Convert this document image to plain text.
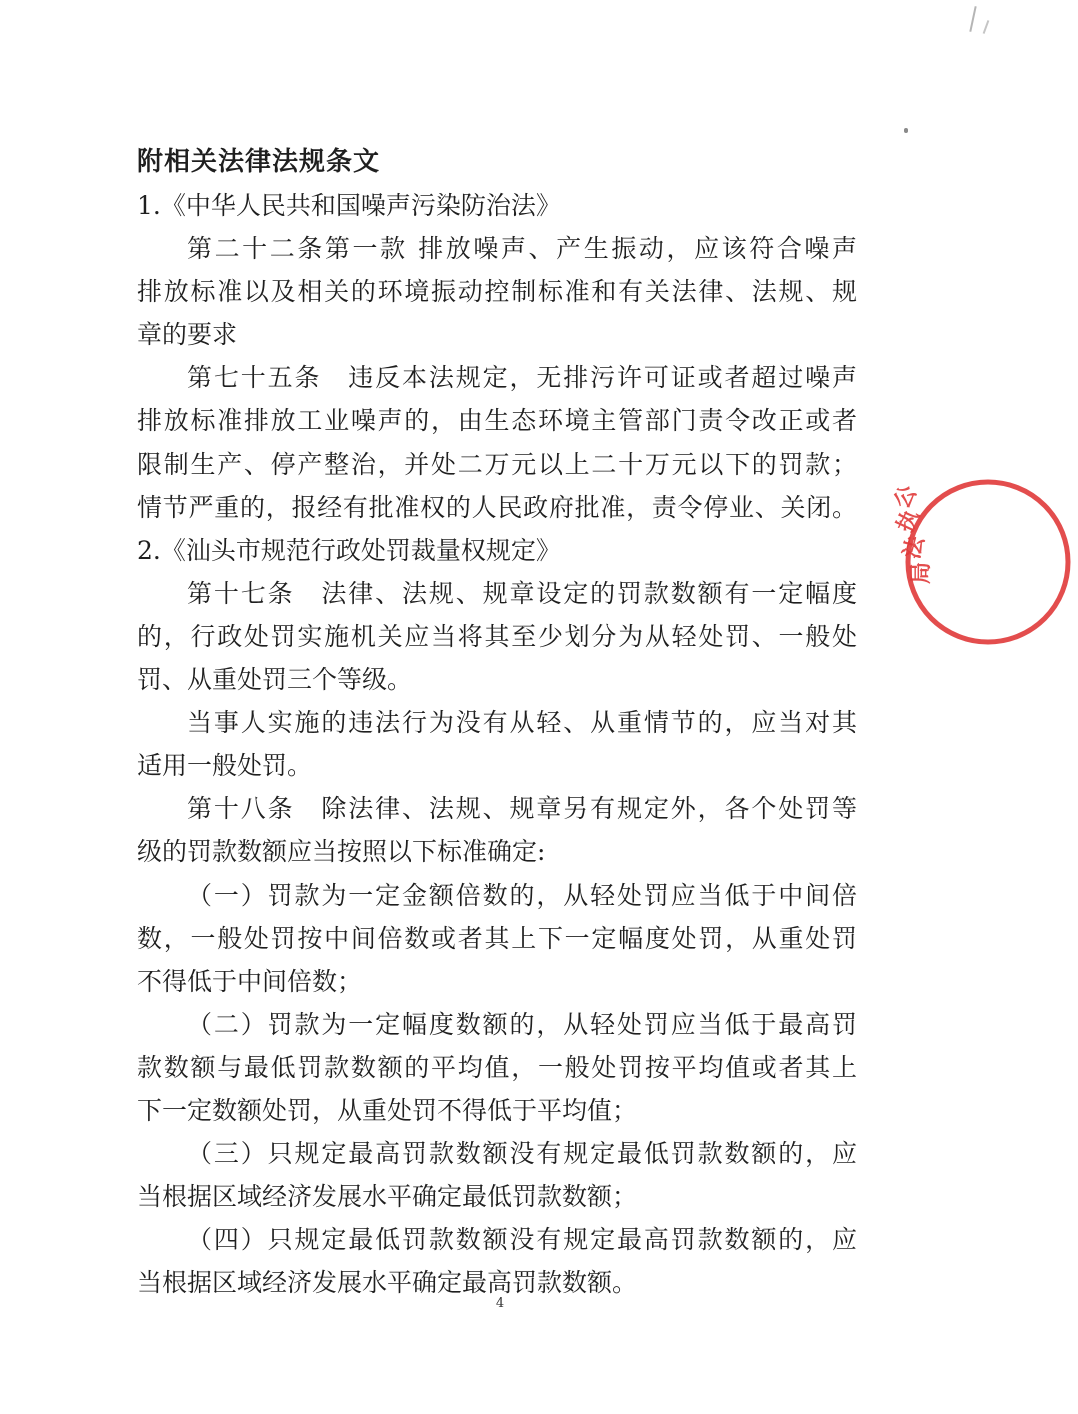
附相关法律法规条文
1.《中华人民共和国噪声污染防治法》
第二十二条第一款 排放噪声、产生振动，应该符合噪声
排放标准以及相关的环境振动控制标准和有关法律、法规、规
章的要求
第七十五条　违反本法规定，无排污许可证或者超过噪声
排放标准排放工业噪声的，由生态环境主管部门责令改正或者
限制生产、停产整治，并处二万元以上二十万元以下的罚款；
情节严重的，报经有批准权的人民政府批准，责令停业、关闭。
2.《汕头市规范行政处罚裁量权规定》
第十七条　法律、法规、规章设定的罚款数额有一定幅度
的，行政处罚实施机关应当将其至少划分为从轻处罚、一般处
罚、从重处罚三个等级。
当事人实施的违法行为没有从轻、从重情节的，应当对其
适用一般处罚。
第十八条　除法律、法规、规章另有规定外，各个处罚等
级的罚款数额应当按照以下标准确定:
（一）罚款为一定金额倍数的，从轻处罚应当低于中间倍
数，一般处罚按中间倍数或者其上下一定幅度处罚，从重处罚
不得低于中间倍数；
（二）罚款为一定幅度数额的，从轻处罚应当低于最高罚
款数额与最低罚款数额的平均值，一般处罚按平均值或者其上
下一定数额处罚，从重处罚不得低于平均值；
（三）只规定最高罚款数额没有规定最低罚款数额的，应
当根据区域经济发展水平确定最低罚款数额；
（四）只规定最低罚款数额没有规定最高罚款数额的，应
当根据区域经济发展水平确定最高罚款数额。
公
执
法
局
4
